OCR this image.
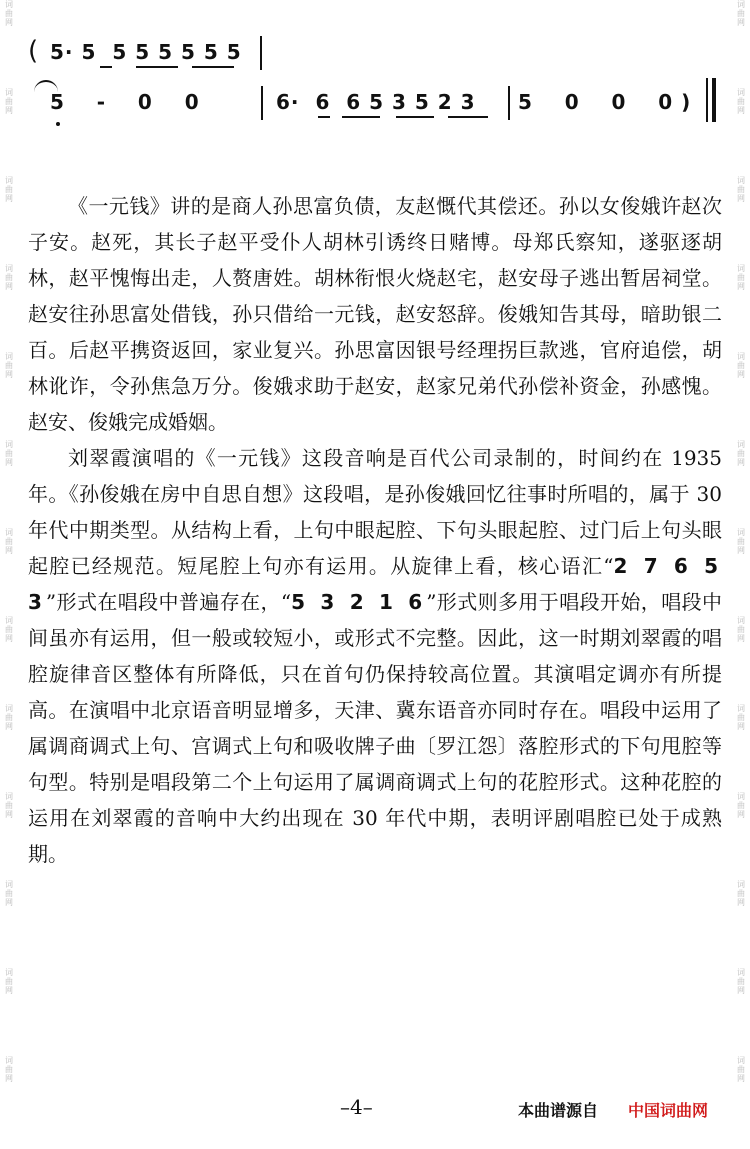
词
曲
网
词
曲
网
词
曲
网
词
曲
网
词
曲
网
词
曲
网
词
曲
网
词
曲
网
词
曲
网
词
曲
网
词
曲
网
词
曲
网
词
曲
网
词
曲
网
词
曲
网
词
曲
网
词
曲
网
词
曲
网
词
曲
网
词
曲
网
词
曲
网
词
曲
网
词
曲
网
词
曲
网
词
曲
网
词
曲
网
( 5· 5  5 5 5 5 5 5
5    -    0    0	6·  6  6 5 3 5 2 3 5    0    0    0 )

《一元钱》讲的是商人孙思富负债，友赵慨代其偿还。孙以女俊娥许赵次子安。赵死，其长子赵平受仆人胡林引诱终日赌博。母郑氏察知，遂驱逐胡林，赵平愧悔出走，人赘唐姓。胡林衔恨火烧赵宅，赵安母子逃出暂居祠堂。赵安往孙思富处借钱，孙只借给一元钱，赵安怒辞。俊娥知告其母，暗助银二百。后赵平携资返回，家业复兴。孙思富因银号经理拐巨款逃，官府追偿，胡林讹诈，令孙焦急万分。俊娥求助于赵安，赵家兄弟代孙偿补资金，孙感愧。赵安、俊娥完成婚姻。

刘翠霞演唱的《一元钱》这段音响是百代公司录制的，时间约在 1935 年。《孙俊娥在房中自思自想》这段唱，是孙俊娥回忆往事时所唱的，属于 30 年代中期类型。从结构上看，上句中眼起腔、下句头眼起腔、过门后上句头眼起腔已经规范。短尾腔上句亦有运用。从旋律上看，核心语汇“2 7 6 5 3”形式在唱段中普遍存在，“5 3 2 1 6”形式则多用于唱段开始，唱段中间虽亦有运用，但一般或较短小，或形式不完整。因此，这一时期刘翠霞的唱腔旋律音区整体有所降低，只在首句仍保持较高位置。其演唱定调亦有所提高。在演唱中北京语音明显增多，天津、冀东语音亦同时存在。唱段中运用了属调商调式上句、宫调式上句和吸收牌子曲〔罗江怨〕落腔形式的下句甩腔等句型。特别是唱段第二个上句运用了属调商调式上句的花腔形式。这种花腔的运用在刘翠霞的音响中大约出现在 30 年代中期，表明评剧唱腔已处于成熟期。

–4–	本曲谱源自 中国词曲网
